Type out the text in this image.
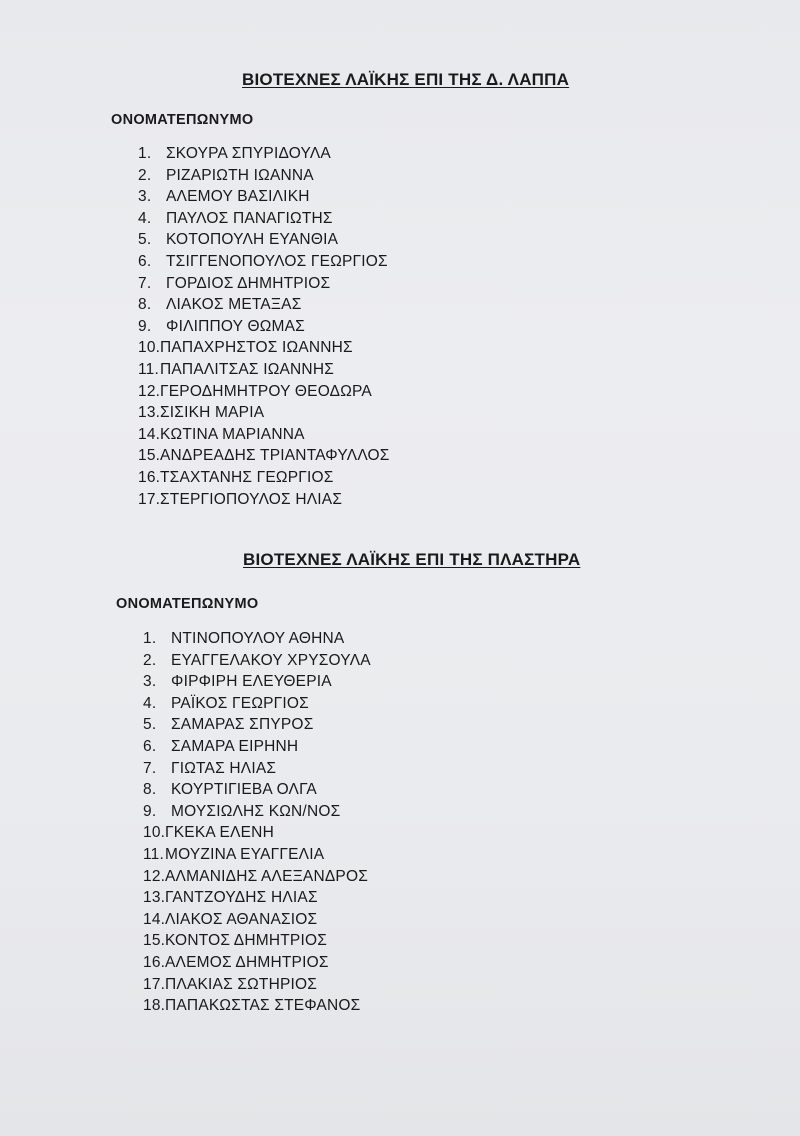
ΒΙΟΤΕΧΝΕΣ ΛΑΪΚΗΣ ΕΠΙ ΤΗΣ Δ. ΛΑΠΠΑ
ΟΝΟΜΑΤΕΠΩΝΥΜΟ
1. ΣΚΟΥΡΑ ΣΠΥΡΙΔΟΥΛΑ
2. ΡΙΖΑΡΙΩΤΗ ΙΩΑΝΝΑ
3. ΑΛΕΜΟΥ ΒΑΣΙΛΙΚΗ
4. ΠΑΥΛΟΣ ΠΑΝΑΓΙΩΤΗΣ
5. ΚΟΤΟΠΟΥΛΗ ΕΥΑΝΘΙΑ
6. ΤΣΙΓΓΕΝΟΠΟΥΛΟΣ ΓΕΩΡΓΙΟΣ
7. ΓΟΡΔΙΟΣ ΔΗΜΗΤΡΙΟΣ
8. ΛΙΑΚΟΣ ΜΕΤΑΞΑΣ
9. ΦΙΛΙΠΠΟΥ ΘΩΜΑΣ
10.ΠΑΠΑΧΡΗΣΤΟΣ ΙΩΑΝΝΗΣ
11.ΠΑΠΑΛΙΤΣΑΣ ΙΩΑΝΝΗΣ
12.ΓΕΡΟΔΗΜΗΤΡΟΥ ΘΕΟΔΩΡΑ
13.ΣΙΣΙΚΗ ΜΑΡΙΑ
14.ΚΩΤΙΝΑ ΜΑΡΙΑΝΝΑ
15.ΑΝΔΡΕΑΔΗΣ ΤΡΙΑΝΤΑΦΥΛΛΟΣ
16.ΤΣΑΧΤΑΝΗΣ ΓΕΩΡΓΙΟΣ
17.ΣΤΕΡΓΙΟΠΟΥΛΟΣ ΗΛΙΑΣ
ΒΙΟΤΕΧΝΕΣ ΛΑΪΚΗΣ ΕΠΙ ΤΗΣ ΠΛΑΣΤΗΡΑ
ΟΝΟΜΑΤΕΠΩΝΥΜΟ
1. ΝΤΙΝΟΠΟΥΛΟΥ ΑΘΗΝΑ
2. ΕΥΑΓΓΕΛΑΚΟΥ ΧΡΥΣΟΥΛΑ
3. ΦΙΡΦΙΡΗ ΕΛΕΥΘΕΡΙΑ
4. ΡΑΪΚΟΣ ΓΕΩΡΓΙΟΣ
5. ΣΑΜΑΡΑΣ ΣΠΥΡΟΣ
6. ΣΑΜΑΡΑ ΕΙΡΗΝΗ
7. ΓΙΩΤΑΣ ΗΛΙΑΣ
8. ΚΟΥΡΤΙΓΙΕΒΑ ΟΛΓΑ
9. ΜΟΥΣΙΩΛΗΣ ΚΩΝ/ΝΟΣ
10.ΓΚΕΚΑ ΕΛΕΝΗ
11.ΜΟΥΖΙΝΑ ΕΥΑΓΓΕΛΙΑ
12.ΑΛΜΑΝΙΔΗΣ ΑΛΕΞΑΝΔΡΟΣ
13.ΓΑΝΤΖΟΥΔΗΣ ΗΛΙΑΣ
14.ΛΙΑΚΟΣ ΑΘΑΝΑΣΙΟΣ
15.ΚΟΝΤΟΣ ΔΗΜΗΤΡΙΟΣ
16.ΑΛΕΜΟΣ ΔΗΜΗΤΡΙΟΣ
17.ΠΛΑΚΙΑΣ ΣΩΤΗΡΙΟΣ
18.ΠΑΠΑΚΩΣΤΑΣ ΣΤΕΦΑΝΟΣ
